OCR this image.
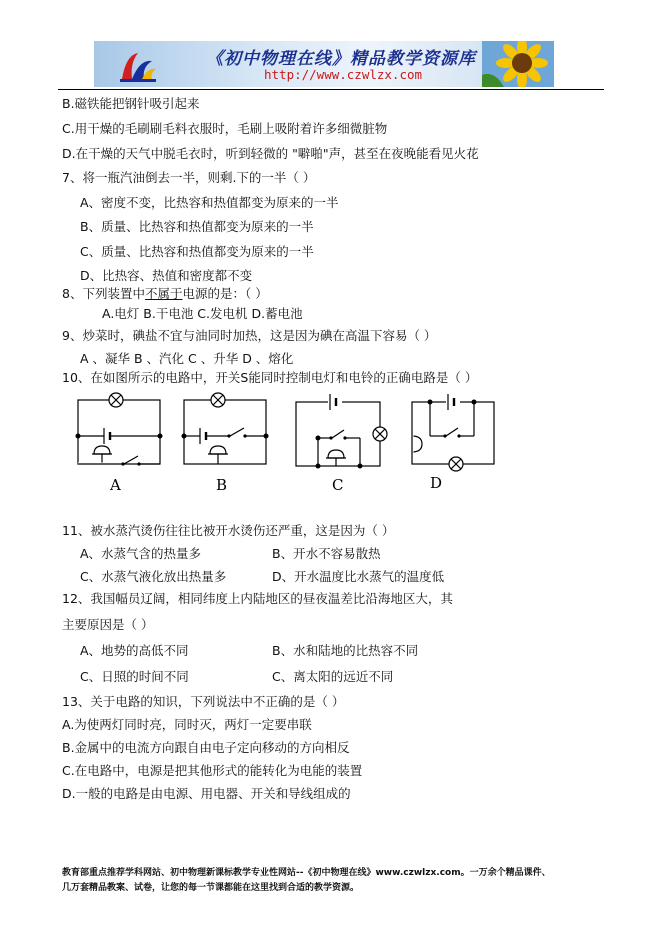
《初中物理在线》精品教学资源库
http://www.czwlzx.com
B.磁铁能把钢针吸引起来
C.用干燥的毛刷刷毛料衣服时，毛刷上吸附着许多细微脏物
D.在干燥的天气中脱毛衣时，听到轻微的 "噼啪"声，甚至在夜晚能看见火花
7、将一瓶汽油倒去一半，则剩.下的一半（ ）
A、密度不变，比热容和热值都变为原来的一半
B、质量、比热容和热值都变为原来的一半
C、质量、比热容和热值都变为原来的一半
D、比热容、热值和密度都不变
8、下列装置中不属于电源的是：（ ）
A.电灯 B.干电池 C.发电机 D.蓄电池
9、炒菜时，碘盐不宜与油同时加热，这是因为碘在高温下容易（ ）
A 、凝华 B 、汽化 C 、升华 D 、熔化
10、在如图所示的电路中，开关S能同时控制电灯和电铃的正确电路是（ ）
A	B	C	D
11、被水蒸汽烫伤往往比被开水烫伤还严重，这是因为（ ）
A、水蒸气含的热量多	B、开水不容易散热
C、水蒸气液化放出热量多	D、开水温度比水蒸气的温度低
12、我国幅员辽阔，相同纬度上内陆地区的昼夜温差比沿海地区大，其
主要原因是（ ）
A、地势的高低不同	B、水和陆地的比热容不同
C、日照的时间不同	C、离太阳的远近不同
13、关于电路的知识，下列说法中不正确的是（ ）
A.为使两灯同时亮，同时灭，两灯一定要串联
B.金属中的电流方向跟自由电子定向移动的方向相反
C.在电路中，电源是把其他形式的能转化为电能的装置
D.一般的电路是由电源、用电器、开关和导线组成的
教育部重点推荐学科网站、初中物理新课标教学专业性网站--《初中物理在线》www.czwlzx.com。一万余个精品课件、
几万套精品教案、试卷，让您的每一节课都能在这里找到合适的教学资源。
